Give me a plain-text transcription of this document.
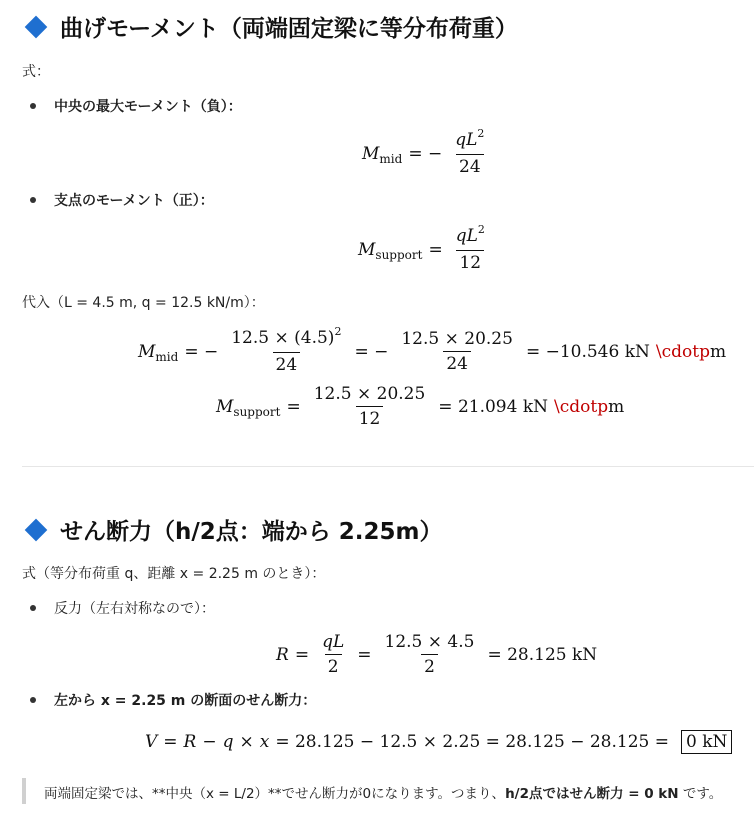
曲げモーメント（両端固定梁に等分布荷重）
式：
中央の最大モーメント（負）：
M mid = − $\frac{qL^2}{24}$
支点のモーメント（正）：
M support = $\frac{qL^2}{12}$
代入（L = 4.5 m, q = 12.5 kN/m）：
M mid = − $\frac{12.5 \times (4.5)^2}{24}$ = − $\frac{12.5 \times 20.25}{24} = -10.546$ kN \cdotp m
M support = $\frac{12.5 \times 20.25}{12} = 21.094$ kN \cdotp m
せん断力（h/2点：端から 2.25m）
式（等分布荷重 q、距離 x = 2.25 m のとき）：
反力（左右対称なので）：
$R = \frac{qL}{2} = \frac{12.5 \times 4.5}{2} = 28.125$ kN
左から x = 2.25 m の断面のせん断力：
V = R − q × x = 28.125 − 12.5 × 2.25 = 28.125 − 28.125 = 0 kN
両端固定梁では、**中央（x = L/2）**でせん断力が0になります。つまり、h/2点ではせん断力 = 0 kN です。
